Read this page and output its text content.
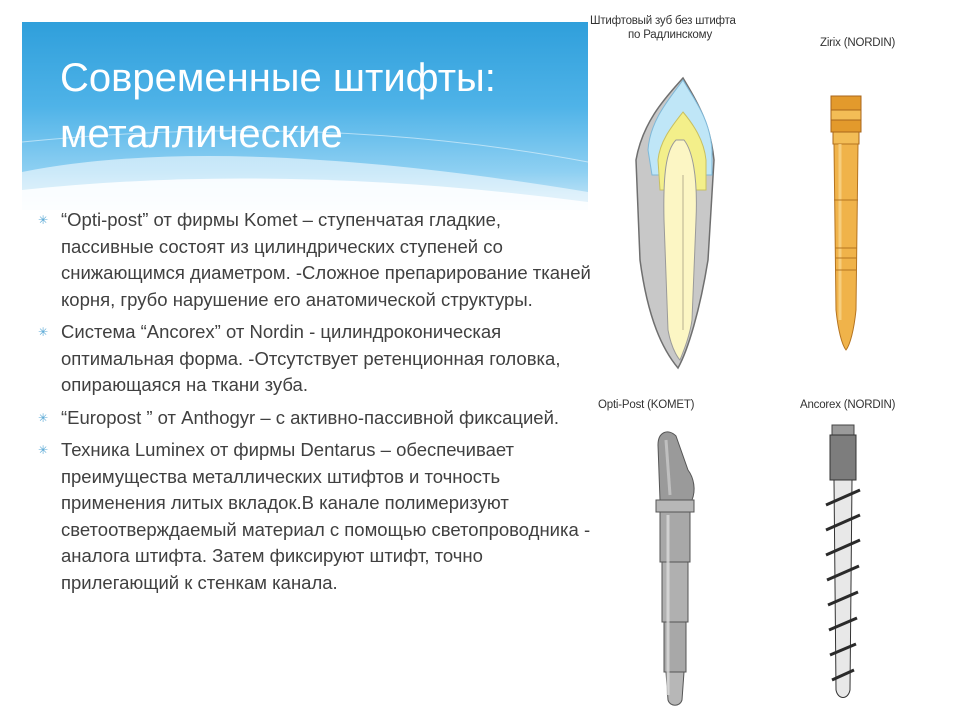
Современные штифты:
металлические
✳ “Opti-post” от фирмы Komet – ступенчатая гладкие, пассивные состоят из цилиндрических ступеней со снижающимся диаметром. -Сложное препарирование тканей корня, грубо нарушение его анатомической структуры.
✳ Система “Ancorex” от Nordin - цилиндроконическая оптимальная форма. -Отсутствует ретенционная головка, опирающаяся на ткани зуба.
✳ “Europost ” от Anthogyr – с активно-пассивной фиксацией.
✳ Техника Luminex от фирмы Dentarus – обеспечивает преимущества металлических штифтов и точность применения литых вкладок.В канале полимеризуют светоотверждаемый материал с помощью светопроводника - аналога штифта. Затем фиксируют штифт, точно прилегающий к стенкам канала.
Штифтовый зуб без штифта
по Радлинскому
Zirix (NORDIN)
Opti-Post (KOMET)	Ancorex (NORDIN)
